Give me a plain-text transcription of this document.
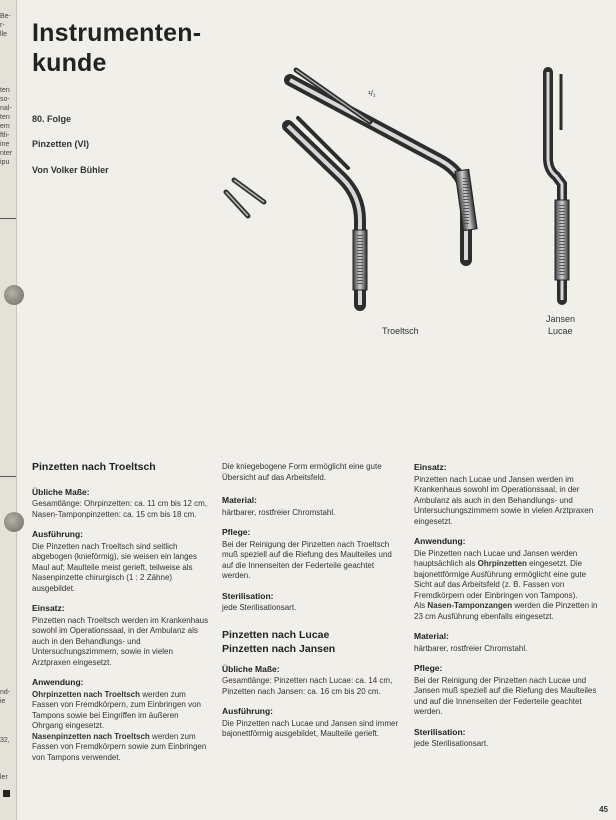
Be-
r-
lle
ten
so-
nal-
ten
em
ftli-
ine
nter
ipu
nd-
ie
32,
ler
Instrumenten-
kunde
80. Folge
Pinzetten (VI)
Von Volker Bühler
¹/₁
Troeltsch
Jansen
Lucae
Pinzetten nach Troeltsch
Übliche Maße:

Gesamtlänge: Ohrpinzetten: ca. 11 cm bis 12 cm, Nasen-Tamponpinzetten: ca. 15 cm bis 18 cm.

Ausführung:

Die Pinzetten nach Troeltsch sind seitlich abgebogen (knieförmig), sie weisen ein langes Maul auf; Maulteile meist gerieft, teilweise als Nasenpinzette chirurgisch (1 : 2 Zähne) ausgebildet.

Einsatz:

Pinzetten nach Troeltsch werden im Krankenhaus sowohl im Operationssaal, in der Ambulanz als auch in den Behandlungs- und Untersuchungszimmern, sowie in vielen Arztpraxen eingesetzt.

Anwendung:

Ohrpinzetten nach Troeltsch werden zum Fassen von Fremdkörpern, zum Einbringen von Tampons sowie bei Eingriffen im äußeren Ohrgang eingesetzt.

Nasenpinzetten nach Troeltsch werden zum Fassen von Fremdkörpern sowie zum Einbringen von Tampons verwendet.

Die kniegebogene Form ermöglicht eine gute Übersicht auf das Arbeitsfeld.

Material:

härtbarer, rostfreier Chromstahl.

Pflege:

Bei der Reinigung der Pinzetten nach Troeltsch muß speziell auf die Riefung des Maulteiles und auf die Innenseiten der Federteile geachtet werden.

Sterilisation:

jede Sterilisationsart.

Pinzetten nach Lucae
Pinzetten nach Jansen
Übliche Maße:

Gesamtlänge: Pinzetten nach Lucae: ca. 14 cm, Pinzetten nach Jansen: ca. 16 cm bis 20 cm.

Ausführung:

Die Pinzetten nach Lucae und Jansen sind immer bajonettförmig ausgebildet, Maulteile gerieft.

Einsatz:

Pinzetten nach Lucae und Jansen werden im Krankenhaus sowohl im Operationssaal, in der Ambulanz als auch in den Behandlungs- und Untersuchungszimmern sowie in vielen Arztpraxen eingesetzt.

Anwendung:

Die Pinzetten nach Lucae und Jansen werden hauptsächlich als Ohrpinzetten eingesetzt. Die bajonettförmige Ausführung ermöglicht eine gute Sicht auf das Arbeitsfeld (z. B. Fassen von Fremdkörpern oder Einbringen von Tampons).

Als Nasen-Tamponzangen werden die Pinzetten in 23 cm Ausführung ebenfalls eingesetzt.

Material:

härtbarer, rostfreier Chromstahl.

Pflege:

Bei der Reinigung der Pinzetten nach Lucae und Jansen muß speziell auf die Riefung des Maulteiles und auf die Innenseiten der Federteile geachtet werden.

Sterilisation:

jede Sterilisationsart.

45
